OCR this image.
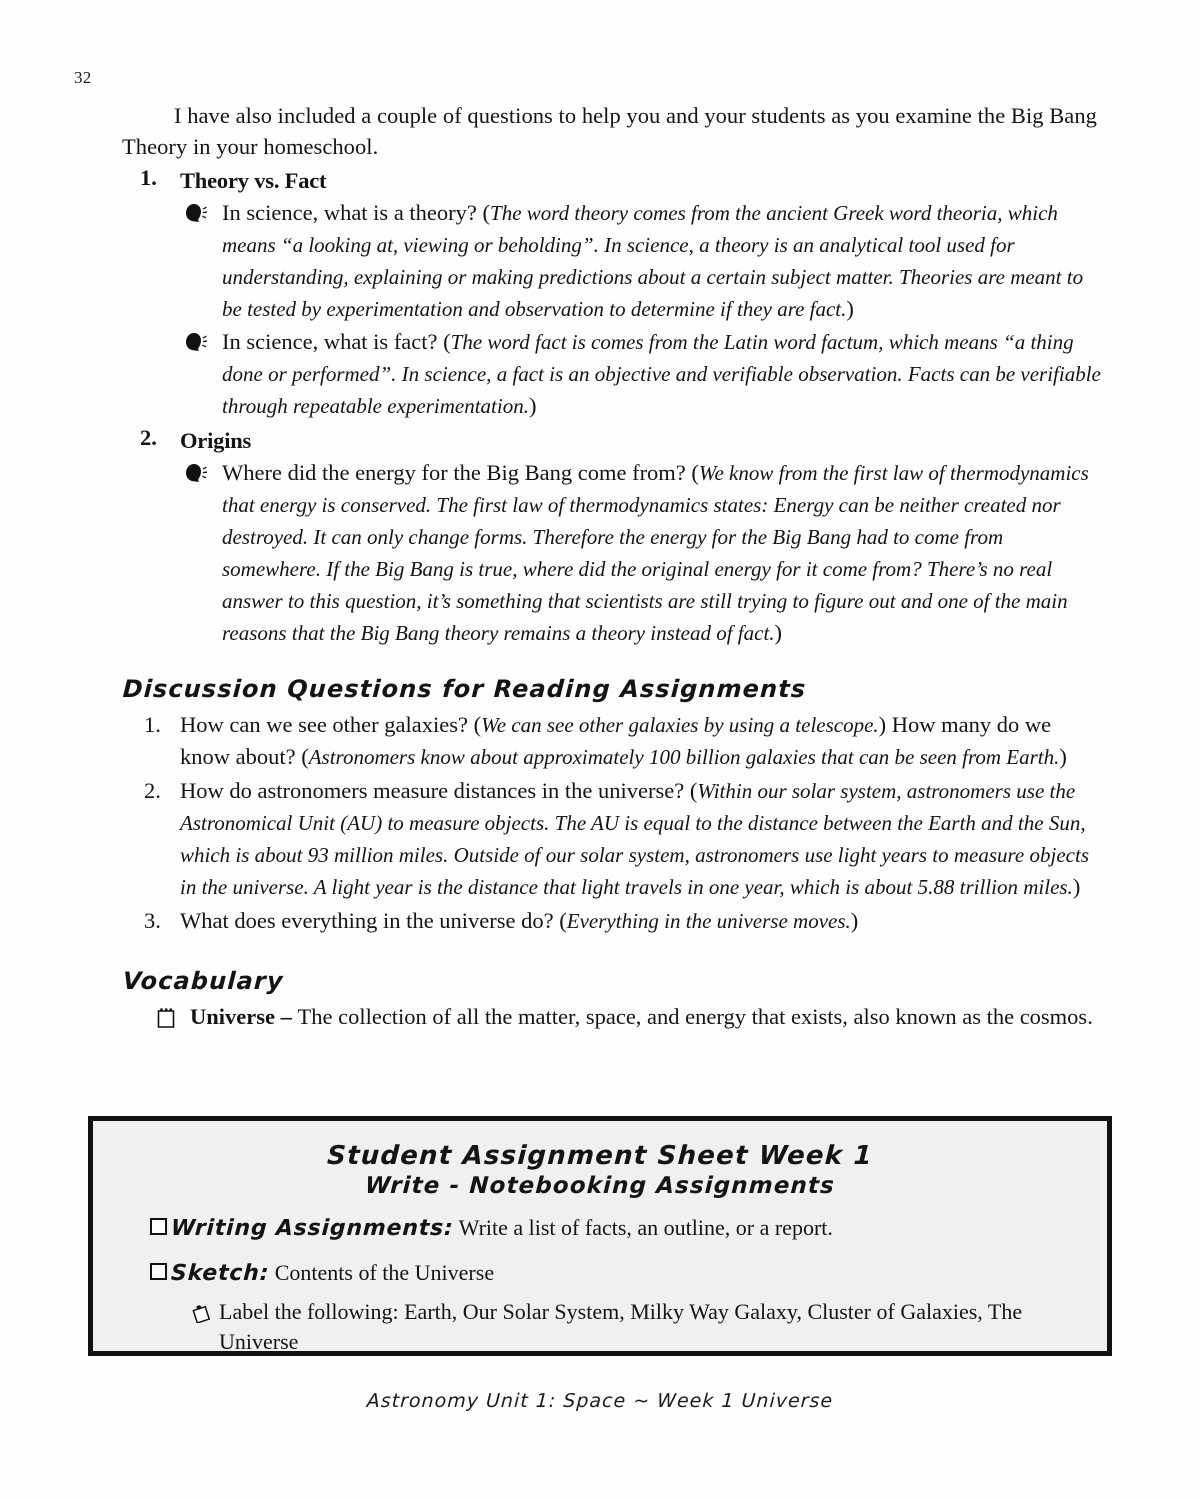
32

I have also included a couple of questions to help you and your students as you examine the Big Bang Theory in your homeschool.

1. Theory vs. Fact
In science, what is a theory? (The word theory comes from the ancient Greek word theoria, which means “a looking at, viewing or beholding”. In science, a theory is an analytical tool used for understanding, explaining or making predictions about a certain subject matter. Theories are meant to be tested by experimentation and observation to determine if they are fact.)
In science, what is fact? (The word fact is comes from the Latin word factum, which means “a thing done or performed”. In science, a fact is an objective and verifiable observation. Facts can be verifiable through repeatable experimentation.)
2. Origins
Where did the energy for the Big Bang come from? (We know from the first law of thermodynamics that energy is conserved. The first law of thermodynamics states: Energy can be neither created nor destroyed. It can only change forms. Therefore the energy for the Big Bang had to come from somewhere. If the Big Bang is true, where did the original energy for it come from? There’s no real answer to this question, it’s something that scientists are still trying to figure out and one of the main reasons that the Big Bang theory remains a theory instead of fact.)
Discussion Questions for Reading Assignments
1. How can we see other galaxies? (We can see other galaxies by using a telescope.) How many do we know about? (Astronomers know about approximately 100 billion galaxies that can be seen from Earth.)
2. How do astronomers measure distances in the universe? (Within our solar system, astronomers use the Astronomical Unit (AU) to measure objects. The AU is equal to the distance between the Earth and the Sun, which is about 93 million miles. Outside of our solar system, astronomers use light years to measure objects in the universe. A light year is the distance that light travels in one year, which is about 5.88 trillion miles.)
3. What does everything in the universe do? (Everything in the universe moves.)
Vocabulary
Universe – The collection of all the matter, space, and energy that exists, also known as the cosmos.
Student Assignment Sheet Week 1
Write - Notebooking Assignments
Writing Assignments: Write a list of facts, an outline, or a report.
Sketch: Contents of the Universe
Label the following: Earth, Our Solar System, Milky Way Galaxy, Cluster of Galaxies, The Universe
Astronomy Unit 1: Space ~ Week 1 Universe
